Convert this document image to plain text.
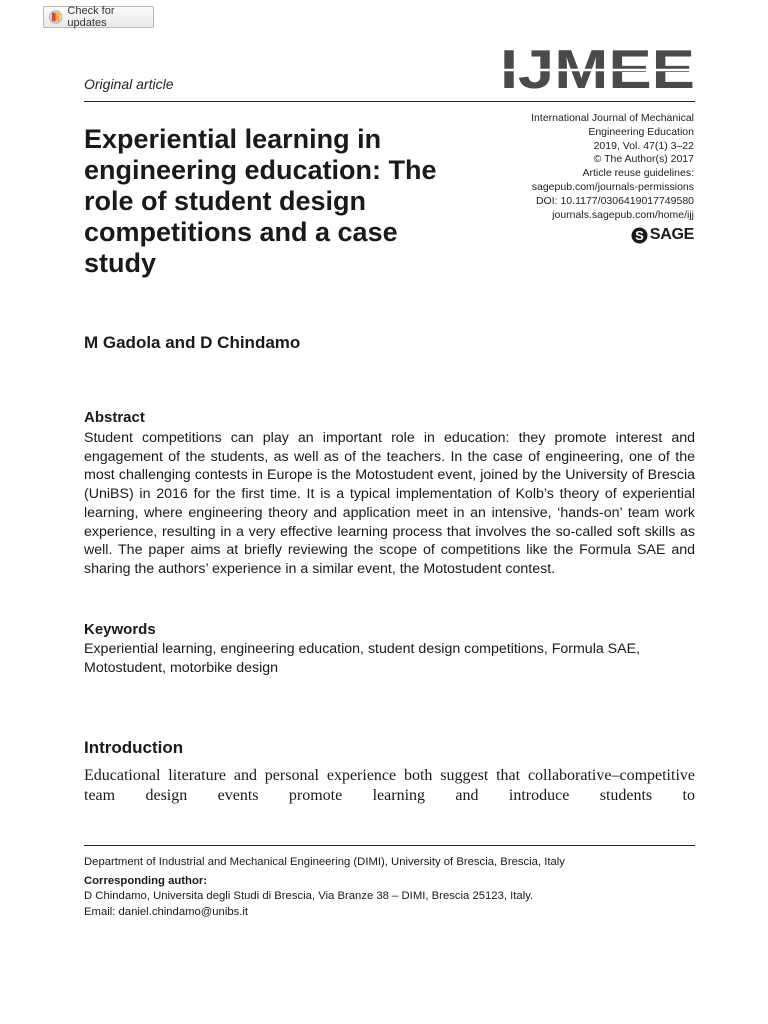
Check for updates
Original article	IJMEE
Experiential learning in engineering education: The role of student design competitions and a case study
International Journal of Mechanical
Engineering Education
2019, Vol. 47(1) 3–22
© The Author(s) 2017
Article reuse guidelines:
sagepub.com/journals-permissions
DOI: 10.1177/0306419017749580
journals.sagepub.com/home/ijj
S SAGE
M Gadola and D Chindamo
Abstract

Student competitions can play an important role in education: they promote interest and engagement of the students, as well as of the teachers. In the case of engineering, one of the most challenging contests in Europe is the Motostudent event, joined by the University of Brescia (UniBS) in 2016 for the first time. It is a typical implementation of Kolb’s theory of experiential learning, where engineering theory and application meet in an intensive, ‘hands-on’ team work experience, resulting in a very effective learning process that involves the so-called soft skills as well. The paper aims at briefly reviewing the scope of competitions like the Formula SAE and sharing the authors’ experience in a similar event, the Motostudent contest.

Keywords

Experiential learning, engineering education, student design competitions, Formula SAE, Motostudent, motorbike design

Introduction

Educational literature and personal experience both suggest that collaborative–competitive team design events promote learning and introduce students to

Department of Industrial and Mechanical Engineering (DIMI), University of Brescia, Brescia, Italy
Corresponding author:
D Chindamo, Universita degli Studi di Brescia, Via Branze 38 – DIMI, Brescia 25123, Italy.
Email: daniel.chindamo@unibs.it
